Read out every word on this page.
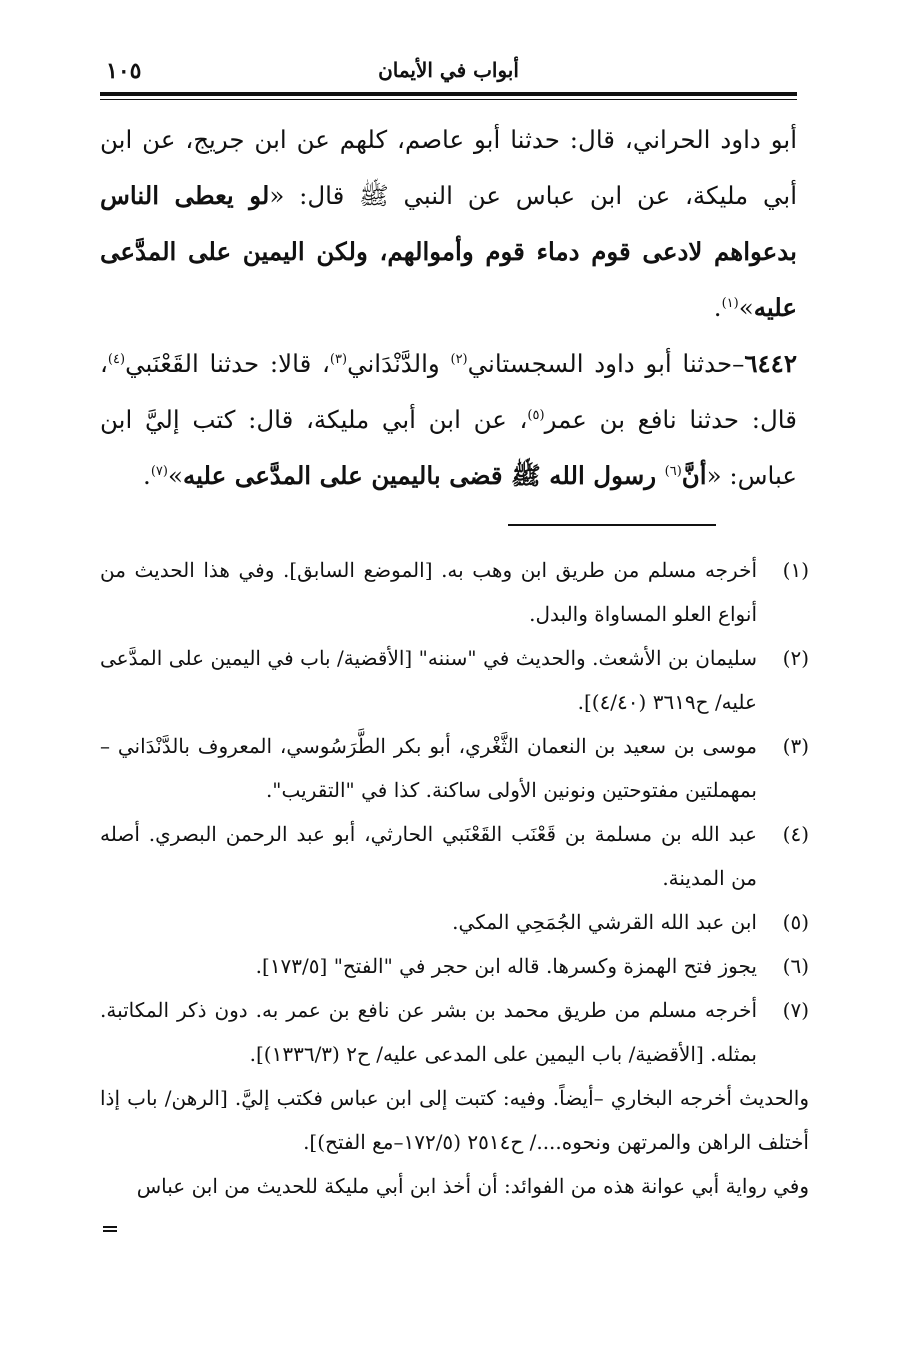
أبواب في الأيمان
١٠٥

أبو داود الحراني، قال: حدثنا أبو عاصم، كلهم عن ابن جريج، عن ابن أبي مليكة، عن ابن عباس عن النبي ﷺ قال: «لو يعطى الناس بدعواهم لادعى قوم دماء قوم وأموالهم، ولكن اليمين على المدَّعى عليه»$^{(١)}$.

٦٤٤٢–حدثنا أبو داود السجستاني$^{(٢)}$ والدَّنْدَاني$^{(٣)}$، قالا: حدثنا القَعْنَبي$^{(٤)}$، قال: حدثنا نافع بن عمر$^{(٥)}$، عن ابن أبي مليكة، قال: كتب إليَّ ابن عباس: «أنَّ$^{(٦)}$ رسول الله ﷺ قضى باليمين على المدَّعى عليه»$^{(٧)}$.

(١)
أخرجه مسلم من طريق ابن وهب به. [الموضع السابق]. وفي هذا الحديث من أنواع العلو المساواة والبدل.
(٢)
سليمان بن الأشعث. والحديث في "سننه" [الأقضية/ باب في اليمين على المدَّعى عليه/ ح٣٦١٩ (٤/٤٠)].
(٣)
موسى بن سعيد بن النعمان الثَّغْري، أبو بكر الطَّرَسُوسي، المعروف بالدَّنْدَاني –بمهملتين مفتوحتين ونونين الأولى ساكنة. كذا في "التقريب".
(٤)
عبد الله بن مسلمة بن قَعْنَب القَعْنَبي الحارثي، أبو عبد الرحمن البصري. أصله من المدينة.
(٥)
ابن عبد الله القرشي الجُمَحِي المكي.
(٦)
يجوز فتح الهمزة وكسرها. قاله ابن حجر في "الفتح" [١٧٣/٥].
(٧)
أخرجه مسلم من طريق محمد بن بشر عن نافع بن عمر به. دون ذكر المكاتبة. بمثله. [الأقضية/ باب اليمين على المدعى عليه/ ح٢ (١٣٣٦/٣)].
والحديث أخرجه البخاري –أيضاً. وفيه: كتبت إلى ابن عباس فكتب إليَّ. [الرهن/ باب إذا أختلف الراهن والمرتهن ونحوه..../ ح٢٥١٤ (١٧٢/٥–مع الفتح)].
وفي رواية أبي عوانة هذه من الفوائد: أن أخذ ابن أبي مليكة للحديث من ابن عباس
